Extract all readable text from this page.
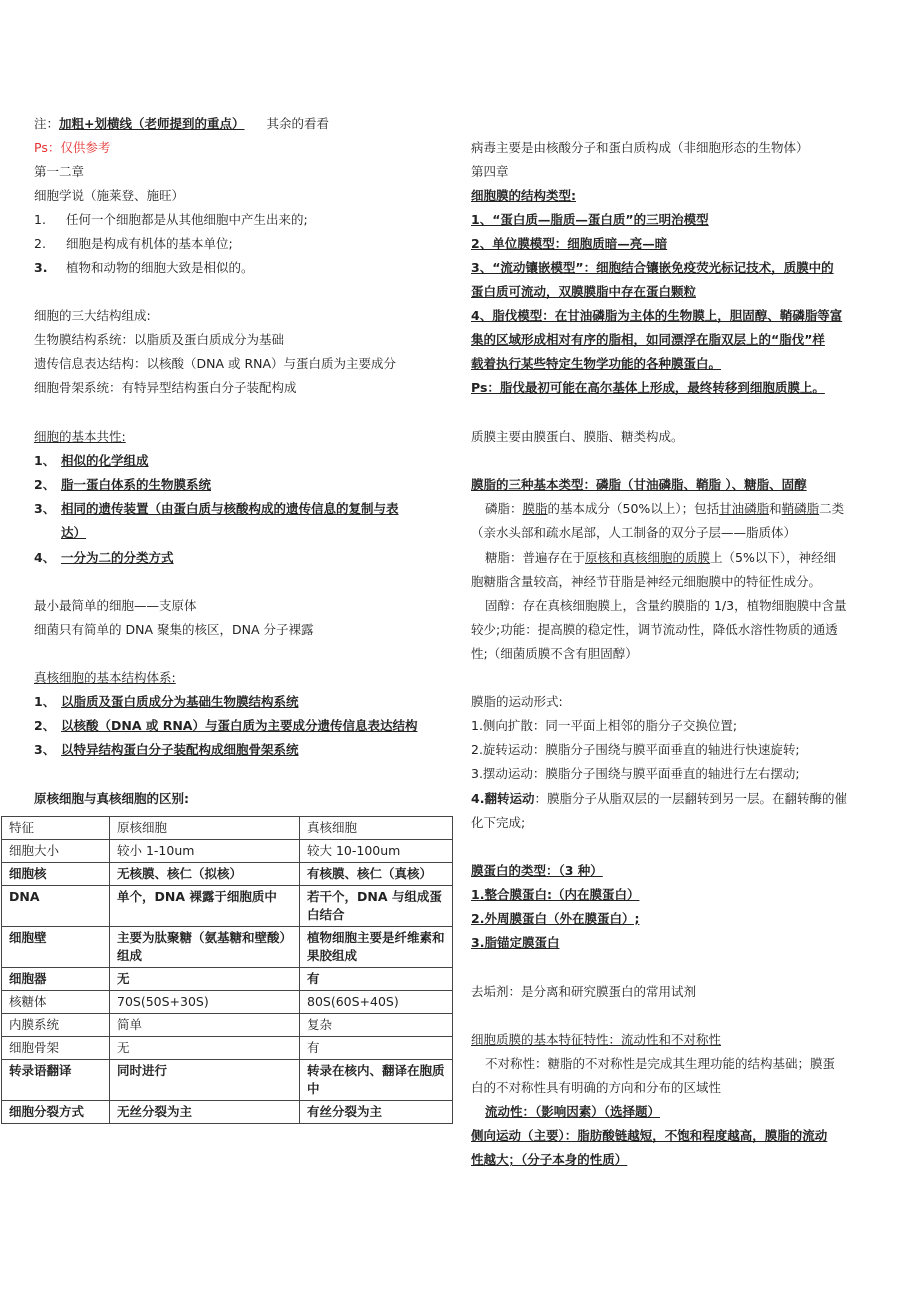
注：加粗+划横线（老师提到的重点） 其余的看看
Ps：仅供参考
第一二章
细胞学说（施莱登、施旺）
1. 任何一个细胞都是从其他细胞中产生出来的;
2. 细胞是构成有机体的基本单位;
3. 植物和动物的细胞大致是相似的。
细胞的三大结构组成:
生物膜结构系统：以脂质及蛋白质成分为基础
遗传信息表达结构：以核酸（DNA 或 RNA）与蛋白质为主要成分
细胞骨架系统：有特异型结构蛋白分子装配构成
细胞的基本共性:
1、 相似的化学组成
2、 脂一蛋白体系的生物膜系统
3、 相同的遗传装置（由蛋白质与核酸构成的遗传信息的复制与表
达）
4、 一分为二的分类方式
最小最简单的细胞——支原体
细菌只有简单的 DNA 聚集的核区，DNA 分子裸露
真核细胞的基本结构体系:
1、 以脂质及蛋白质成分为基础生物膜结构系统
2、 以核酸（DNA 或 RNA）与蛋白质为主要成分遗传信息表达结构
3、 以特异结构蛋白分子装配构成细胞骨架系统
原核细胞与真核细胞的区别:
特征	原核细胞	真核细胞
细胞大小	较小 1-10um	较大 10-100um
细胞核	无核膜、核仁（拟核）	有核膜、核仁（真核）
DNA	单个，DNA 裸露于细胞质中	若干个，DNA 与组成蛋白结合
细胞壁	主要为肽聚糖（氨基糖和壁酸）组成	植物细胞主要是纤维素和果胶组成
细胞器	无	有
核糖体	70S(50S+30S)	80S(60S+40S)
内膜系统	简单	复杂
细胞骨架	无	有
转录语翻译	同时进行	转录在核内、翻译在胞质中
细胞分裂方式	无丝分裂为主	有丝分裂为主
病毒主要是由核酸分子和蛋白质构成（非细胞形态的生物体）
第四章
细胞膜的结构类型:
1、“蛋白质—脂质—蛋白质”的三明治模型
2、单位膜模型：细胞质暗—亮—暗
3、“流动镶嵌模型”：细胞结合镶嵌免疫荧光标记技术，质膜中的
蛋白质可流动，双膜膜脂中存在蛋白颗粒
4、脂伐模型：在甘油磷脂为主体的生物膜上，胆固醇、鞘磷脂等富
集的区域形成相对有序的脂相，如同漂浮在脂双层上的“脂伐”样
载着执行某些特定生物学功能的各种膜蛋白。
Ps：脂伐最初可能在高尔基体上形成，最终转移到细胞质膜上。
质膜主要由膜蛋白、膜脂、糖类构成。
膜脂的三种基本类型：磷脂（甘油磷脂、鞘脂 ）、糖脂、固醇
磷脂：膜脂的基本成分（50%以上）；包括甘油磷脂和鞘磷脂二类
（亲水头部和疏水尾部，人工制备的双分子层——脂质体）
糖脂：普遍存在于原核和真核细胞的质膜上（5%以下），神经细
胞糖脂含量较高，神经节苷脂是神经元细胞膜中的特征性成分。
固醇：存在真核细胞膜上，含量约膜脂的 1/3，植物细胞膜中含量
较少;功能：提高膜的稳定性，调节流动性，降低水溶性物质的通透
性;（细菌质膜不含有胆固醇）
膜脂的运动形式:
1.侧向扩散：同一平面上相邻的脂分子交换位置;
2.旋转运动：膜脂分子围绕与膜平面垂直的轴进行快速旋转;
3.摆动运动：膜脂分子围绕与膜平面垂直的轴进行左右摆动;
4.翻转运动：膜脂分子从脂双层的一层翻转到另一层。在翻转酶的催
化下完成;
膜蛋白的类型：（3 种）
1.整合膜蛋白:（内在膜蛋白）
2.外周膜蛋白（外在膜蛋白）;
3.脂锚定膜蛋白
去垢剂：是分离和研究膜蛋白的常用试剂
细胞质膜的基本特征特性：流动性和不对称性
不对称性：糖脂的不对称性是完成其生理功能的结构基础；膜蛋
白的不对称性具有明确的方向和分布的区域性
流动性：（影响因素）（选择题）
侧向运动（主要）：脂肪酸链越短，不饱和程度越高，膜脂的流动
性越大；（分子本身的性质）
